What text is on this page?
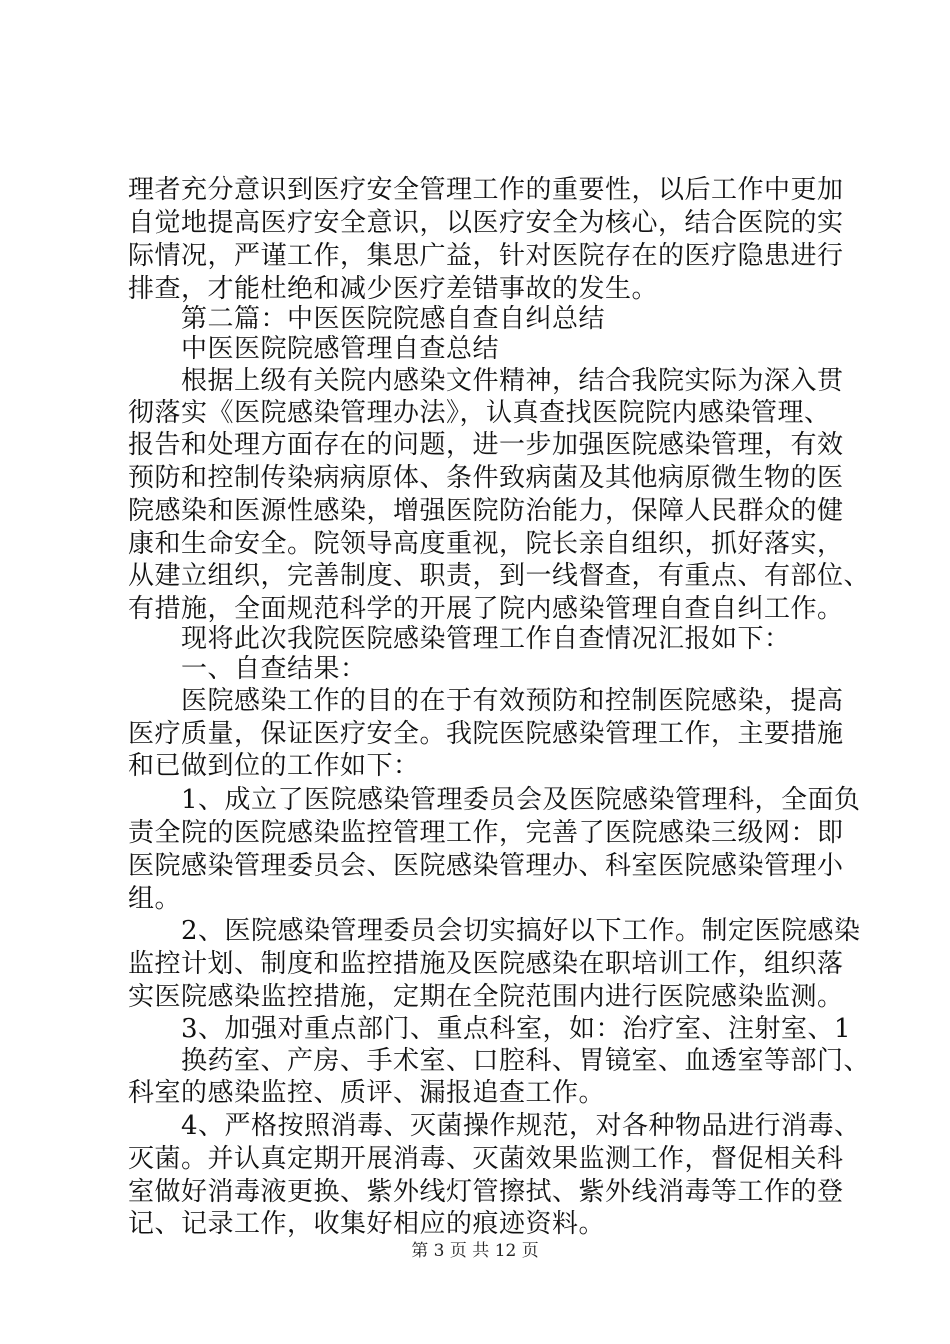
理者充分意识到医疗安全管理工作的重要性，以后工作中更加
自觉地提高医疗安全意识，以医疗安全为核心，结合医院的实
际情况，严谨工作，集思广益，针对医院存在的医疗隐患进行
排查，才能杜绝和减少医疗差错事故的发生。
　　第二篇：中医医院院感自查自纠总结
　　中医医院院感管理自查总结
　　根据上级有关院内感染文件精神，结合我院实际为深入贯
彻落实《医院感染管理办法》，认真查找医院院内感染管理、
报告和处理方面存在的问题，进一步加强医院感染管理，有效
预防和控制传染病病原体、条件致病菌及其他病原微生物的医
院感染和医源性感染，增强医院防治能力，保障人民群众的健
康和生命安全。院领导高度重视，院长亲自组织，抓好落实，
从建立组织，完善制度、职责，到一线督查，有重点、有部位、
有措施，全面规范科学的开展了院内感染管理自查自纠工作。
　　现将此次我院医院感染管理工作自查情况汇报如下：
　　一、自查结果：
　　医院感染工作的目的在于有效预防和控制医院感染，提高
医疗质量，保证医疗安全。我院医院感染管理工作，主要措施
和已做到位的工作如下：
　　1、成立了医院感染管理委员会及医院感染管理科，全面负
责全院的医院感染监控管理工作，完善了医院感染三级网：即
医院感染管理委员会、医院感染管理办、科室医院感染管理小
组。
　　2、医院感染管理委员会切实搞好以下工作。制定医院感染
监控计划、制度和监控措施及医院感染在职培训工作，组织落
实医院感染监控措施，定期在全院范围内进行医院感染监测。
　　3、加强对重点部门、重点科室，如：治疗室、注射室、1
　　换药室、产房、手术室、口腔科、胃镜室、血透室等部门、
科室的感染监控、质评、漏报追查工作。
　　4、严格按照消毒、灭菌操作规范，对各种物品进行消毒、
灭菌。并认真定期开展消毒、灭菌效果监测工作，督促相关科
室做好消毒液更换、紫外线灯管擦拭、紫外线消毒等工作的登
记、记录工作，收集好相应的痕迹资料。
第 3 页 共 12 页
